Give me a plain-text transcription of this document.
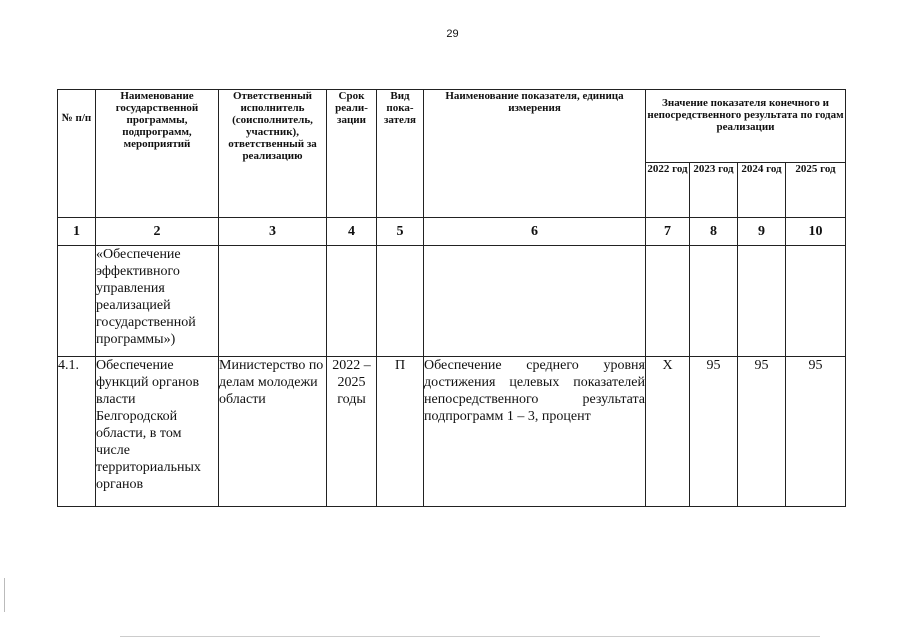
29
№ п/п	Наименование государственной программы, подпрограмм, мероприятий	Ответственный исполнитель (соисполнитель, участник), ответственный за реализацию	Срок реали- зации	Вид пока- зателя	Наименование показателя, единица измерения	Значение показателя конечного и непосредственного результата по годам реализации			
						2022 год	2023 год	2024 год	2025 год
1	2	3	4	5	6	7	8	9	10
	«Обеспечение эффективного управления реализацией государственной программы»)								
4.1.	Обеспечение функций органов власти Белгородской области, в том числе территориальных органов	Министерство по делам молодежи области	2022 – 2025 годы	П	Обеспечение среднего уровня достижения целевых показателей непосредственного результата подпрограмм 1 – 3, процент	Х	95	95	95
